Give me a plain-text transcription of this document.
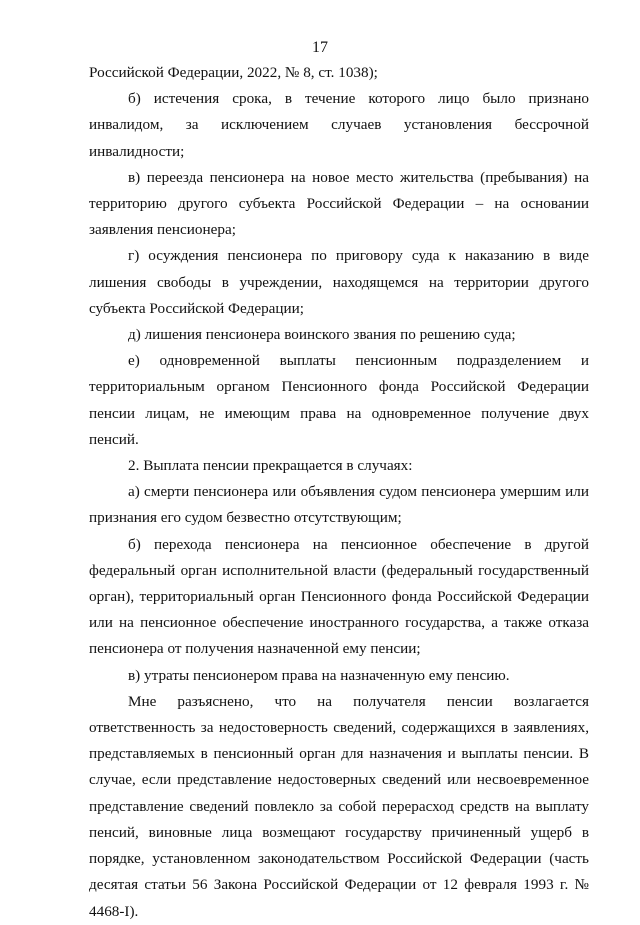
17

Российской Федерации, 2022, № 8, ст. 1038);

б) истечения срока, в течение которого лицо было признано инвалидом, за исключением случаев установления бессрочной инвалидности;

в) переезда пенсионера на новое место жительства (пребывания) на территорию другого субъекта Российской Федерации – на основании заявления пенсионера;

г) осуждения пенсионера по приговору суда к наказанию в виде лишения свободы в учреждении, находящемся на территории другого субъекта Российской Федерации;

д) лишения пенсионера воинского звания по решению суда;

е) одновременной выплаты пенсионным подразделением и территориальным органом Пенсионного фонда Российской Федерации пенсии лицам, не имеющим права на одновременное получение двух пенсий.

2. Выплата пенсии прекращается в случаях:

а) смерти пенсионера или объявления судом пенсионера умершим или признания его судом безвестно отсутствующим;

б) перехода пенсионера на пенсионное обеспечение в другой федеральный орган исполнительной власти (федеральный государственный орган), территориальный орган Пенсионного фонда Российской Федерации или на пенсионное обеспечение иностранного государства, а также отказа пенсионера от получения назначенной ему пенсии;

в) утраты пенсионером права на назначенную ему пенсию.

Мне разъяснено, что на получателя пенсии возлагается ответственность за недостоверность сведений, содержащихся в заявлениях, представляемых в пенсионный орган для назначения и выплаты пенсии. В случае, если представление недостоверных сведений или несвоевременное представление сведений повлекло за собой перерасход средств на выплату пенсий, виновные лица возмещают государству причиненный ущерб в порядке, установленном законодательством Российской Федерации (часть десятая статьи 56 Закона Российской Федерации от 12 февраля 1993 г. № 4468-I).
